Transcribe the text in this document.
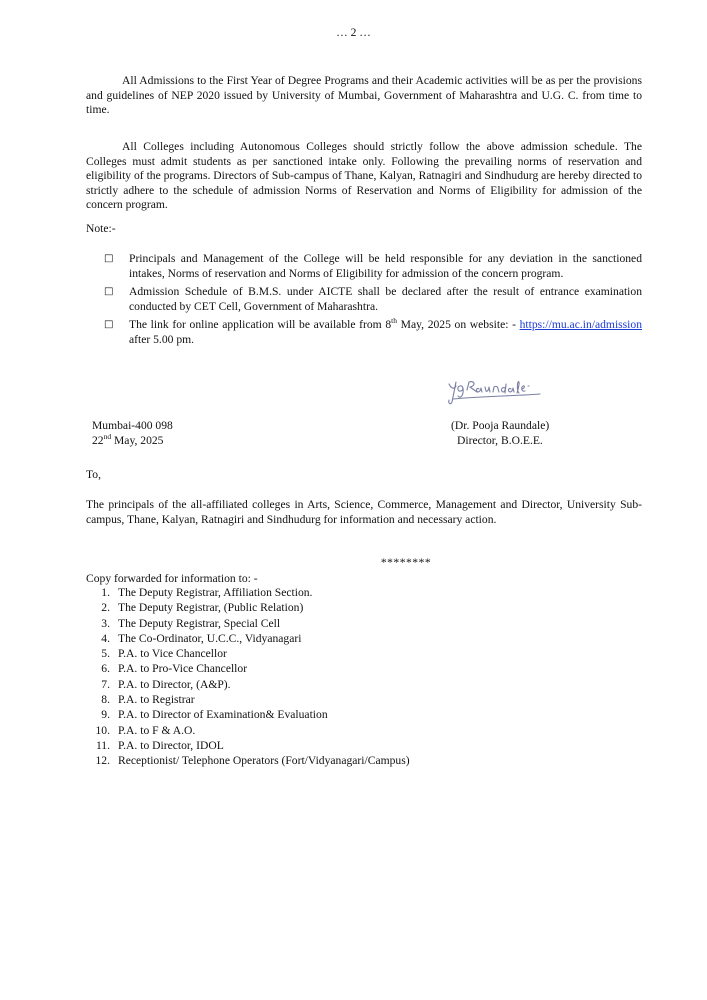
… 2 …

All Admissions to the First Year of Degree Programs and their Academic activities will be as per the provisions and guidelines of NEP 2020 issued by University of Mumbai, Government of Maharashtra and U.G. C. from time to time.

All Colleges including Autonomous Colleges should strictly follow the above admission schedule. The Colleges must admit students as per sanctioned intake only. Following the prevailing norms of reservation and eligibility of the programs. Directors of Sub-campus of Thane, Kalyan, Ratnagiri and Sindhudurg are hereby directed to strictly adhere to the schedule of admission Norms of Reservation and Norms of Eligibility for admission of the concern program.

Note:-
□ Principals and Management of the College will be held responsible for any deviation in the sanctioned intakes, Norms of reservation and Norms of Eligibility for admission of the concern program.
□ Admission Schedule of B.M.S. under AICTE shall be declared after the result of entrance examination conducted by CET Cell, Government of Maharashtra.
□ The link for online application will be available from 8th May, 2025 on website: - https://mu.ac.in/admission after 5.00 pm.
Mumbai-400 098
22nd May, 2025
(Dr. Pooja Raundale)
Director, B.O.E.E.
To,

The principals of the all-affiliated colleges in Arts, Science, Commerce, Management and Director, University Sub-campus, Thane, Kalyan, Ratnagiri and Sindhudurg for information and necessary action.

********
Copy forwarded for information to: -
1. The Deputy Registrar, Affiliation Section.
2. The Deputy Registrar, (Public Relation)
3. The Deputy Registrar, Special Cell
4. The Co-Ordinator, U.C.C., Vidyanagari
5. P.A. to Vice Chancellor
6. P.A. to Pro-Vice Chancellor
7. P.A. to Director, (A&P).
8. P.A. to Registrar
9. P.A. to Director of Examination& Evaluation
10. P.A. to F & A.O.
11. P.A. to Director, IDOL
12. Receptionist/ Telephone Operators (Fort/Vidyanagari/Campus)
